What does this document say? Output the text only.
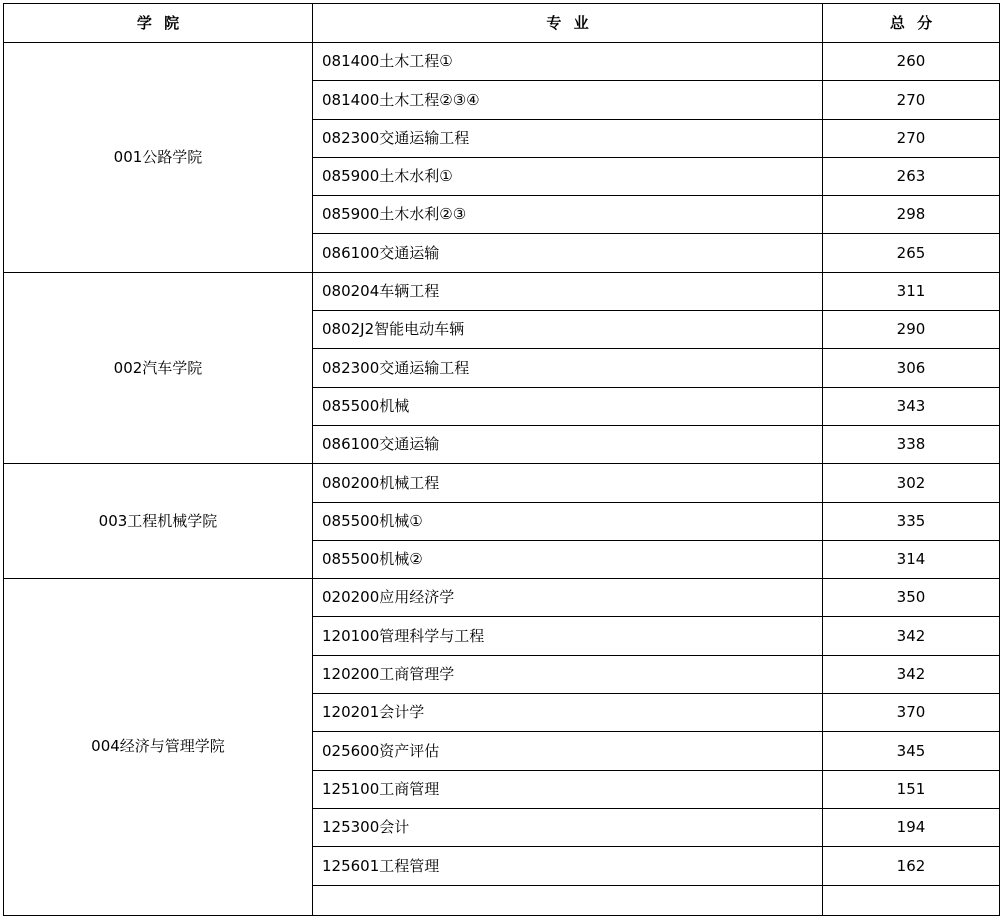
学 院	专 业	总 分
001公路学院	081400土木工程①	260
	081400土木工程②③④	270
	082300交通运输工程	270
	085900土木水利①	263
	085900土木水利②③	298
	086100交通运输	265
002汽车学院	080204车辆工程	311
	0802J2智能电动车辆	290
	082300交通运输工程	306
	085500机械	343
	086100交通运输	338
003工程机械学院	080200机械工程	302
	085500机械①	335
	085500机械②	314
004经济与管理学院	020200应用经济学	350
	120100管理科学与工程	342
	120200工商管理学	342
	120201会计学	370
	025600资产评估	345
	125100工商管理	151
	125300会计	194
	125601工程管理	162
